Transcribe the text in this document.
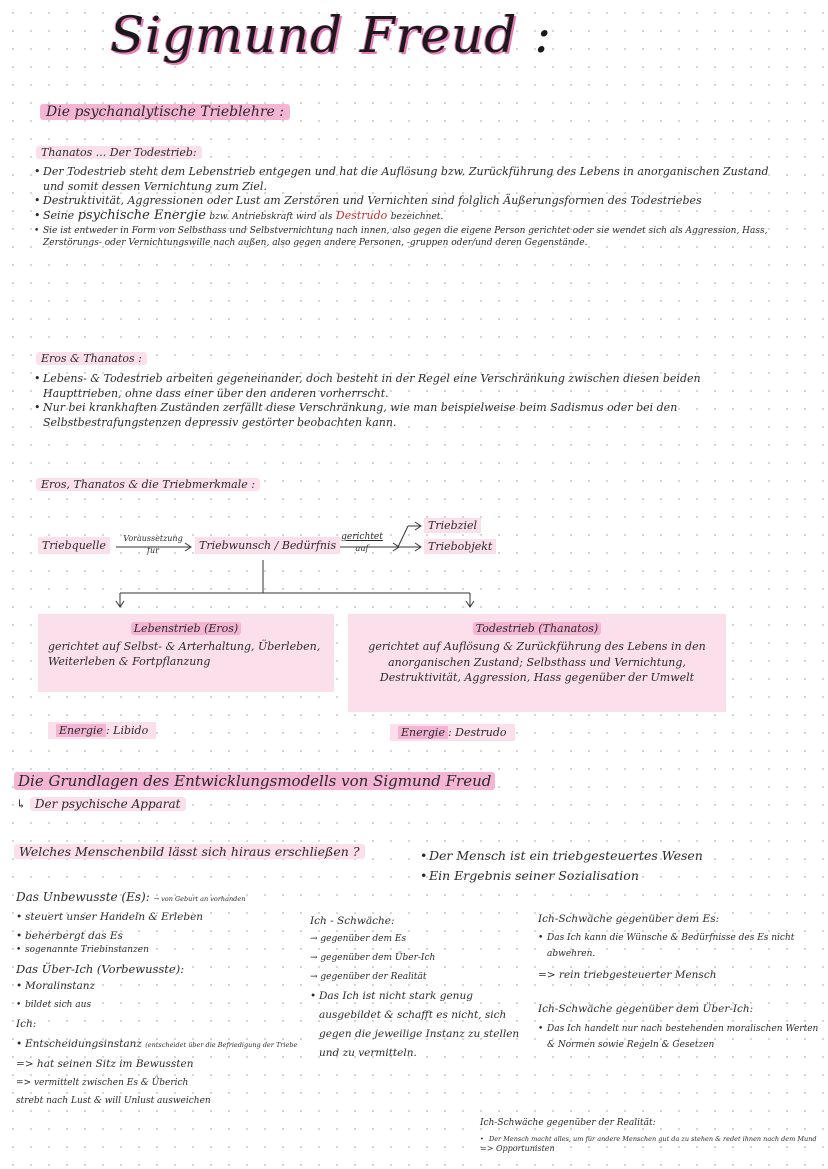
Sigmund Freud :
Die psychanalytische Trieblehre :
Thanatos ... Der Todestrieb:
• Der Todestrieb steht dem Lebenstrieb entgegen und hat die Auflösung bzw. Zurückführung des Lebens in anorganischen Zustand und somit dessen Vernichtung zum Ziel.
• Destruktivität, Aggressionen oder Lust am Zerstören und Vernichten sind folglich Äußerungsformen des Todestriebes
• Seine psychische Energie bzw. Antriebskraft wird als Destrudo bezeichnet.
• Sie ist entweder in Form von Selbsthass und Selbstvernichtung nach innen, also gegen die eigene Person gerichtet oder sie wendet sich als Aggression, Hass, Zerstörungs- oder Vernichtungswille nach außen, also gegen andere Personen, -gruppen oder/und deren Gegenstände.
Eros & Thanatos :
• Lebens- & Todestrieb arbeiten gegeneinander, doch besteht in der Regel eine Verschränkung zwischen diesen beiden Haupttrieben, ohne dass einer über den anderen vorherrscht.
• Nur bei krankhaften Zuständen zerfällt diese Verschränkung, wie man beispielweise beim Sadismus oder bei den Selbstbestrafungstenzen depressiv gestörter beobachten kann.
Eros, Thanatos & die Triebmerkmale :
Triebquelle
Voraussetzung
für	Triebwunsch / Bedürfnis
gerichtet
auf
Triebziel
Triebobjekt
Lebenstrieb (Eros)
gerichtet auf Selbst- & Arterhaltung, Überleben, Weiterleben & Fortpflanzung
Todestrieb (Thanatos)
gerichtet auf Auflösung & Zurückführung des Lebens in den anorganischen Zustand; Selbsthass und Vernichtung, Destruktivität, Aggression, Hass gegenüber der Umwelt
Energie : Libido	Energie : Destrudo
Die Grundlagen des Entwicklungsmodells von Sigmund Freud
↳ Der psychische Apparat
Welches Menschenbild lässt sich hiraus erschließen ?
•	Der Mensch ist ein triebgesteuertes Wesen
• Ein Ergebnis seiner Sozialisation
Das Unbewusste (Es): → von Geburt an vorhanden
• steuert unser Handeln & Erleben
• beherbergt das Es
• sogenannte Triebinstanzen
Das Über-Ich (Vorbewusste):
• Moralinstanz
• bildet sich aus
Ich:
• Entscheidungsinstanz (entscheidet über die Befriedigung der Triebe
=> hat seinen Sitz im Bewussten
=> vermittelt zwischen Es & Überich
strebt nach Lust & will Unlust ausweichen
Ich - Schwäche:
→ gegenüber dem Es
→ gegenüber dem Über-Ich
→ gegenüber der Realität
• Das Ich ist nicht stark genug ausgebildet & schafft es nicht, sich gegen die jeweilige Instanz zu stellen und zu vermitteln.
Ich-Schwäche gegenüber dem Es:
• Das Ich kann die Wünsche & Bedürfnisse des Es nicht abwehren.
=> rein triebgesteuerter Mensch
Ich-Schwäche gegenüber dem Über-Ich:
• Das Ich handelt nur nach bestehenden moralischen Werten & Normen sowie Regeln & Gesetzen
Ich-Schwäche gegenüber der Realität:
• Der Mensch macht alles, um für andere Menschen gut da zu stehen & redet ihnen nach dem Mund
=> Opportunisten
